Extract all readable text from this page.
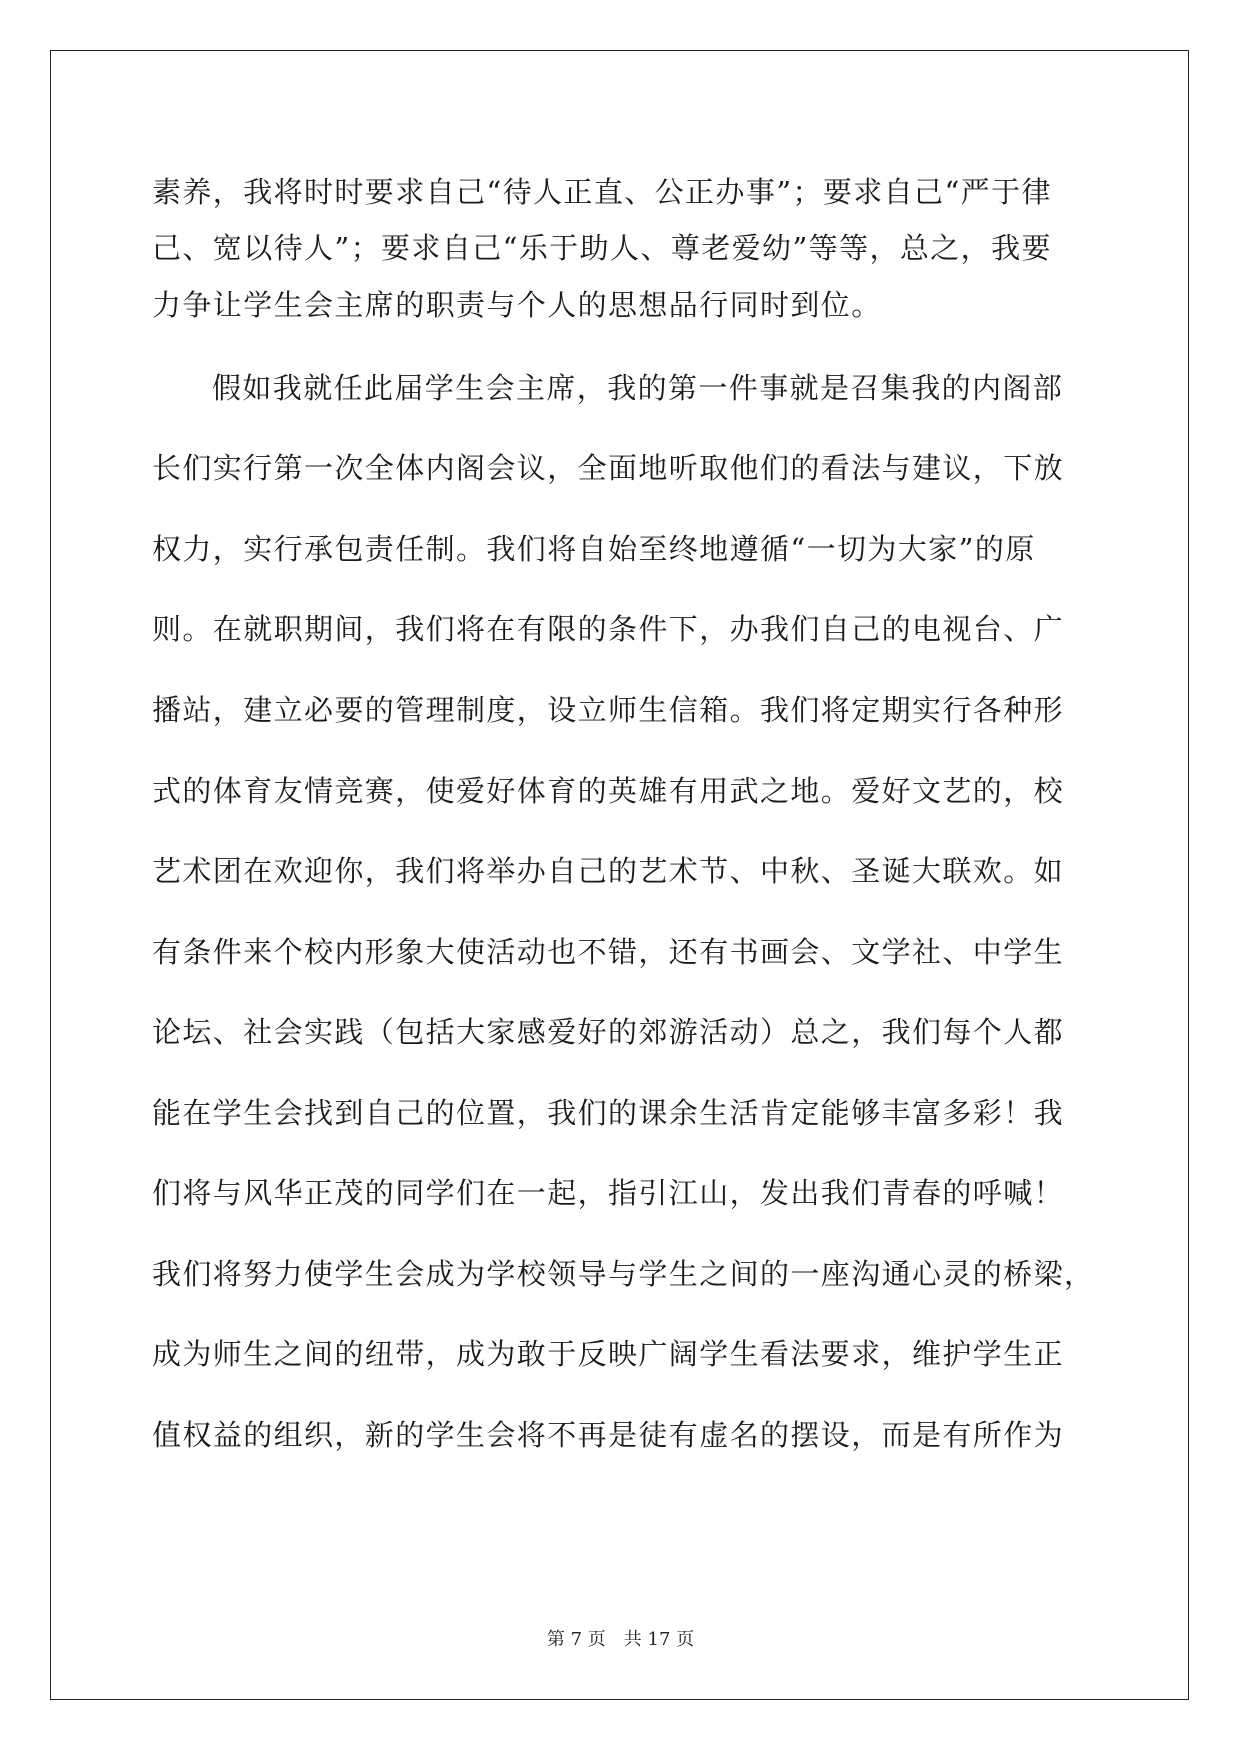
素养，我将时时要求自己“待人正直、公正办事”；要求自己“严于律
己、宽以待人”；要求自己“乐于助人、尊老爱幼”等等，总之，我要
力争让学生会主席的职责与个人的思想品行同时到位。
假如我就任此届学生会主席，我的第一件事就是召集我的内阁部
长们实行第一次全体内阁会议，全面地听取他们的看法与建议，下放
权力，实行承包责任制。我们将自始至终地遵循“一切为大家”的原
则。在就职期间，我们将在有限的条件下，办我们自己的电视台、广
播站，建立必要的管理制度，设立师生信箱。我们将定期实行各种形
式的体育友情竞赛，使爱好体育的英雄有用武之地。爱好文艺的，校
艺术团在欢迎你，我们将举办自己的艺术节、中秋、圣诞大联欢。如
有条件来个校内形象大使活动也不错，还有书画会、文学社、中学生
论坛、社会实践（包括大家感爱好的郊游活动）总之，我们每个人都
能在学生会找到自己的位置，我们的课余生活肯定能够丰富多彩！我
们将与风华正茂的同学们在一起，指引江山，发出我们青春的呼喊！
我们将努力使学生会成为学校领导与学生之间的一座沟通心灵的桥梁，
成为师生之间的纽带，成为敢于反映广阔学生看法要求，维护学生正
值权益的组织，新的学生会将不再是徒有虚名的摆设，而是有所作为
第 7 页 共 17 页
